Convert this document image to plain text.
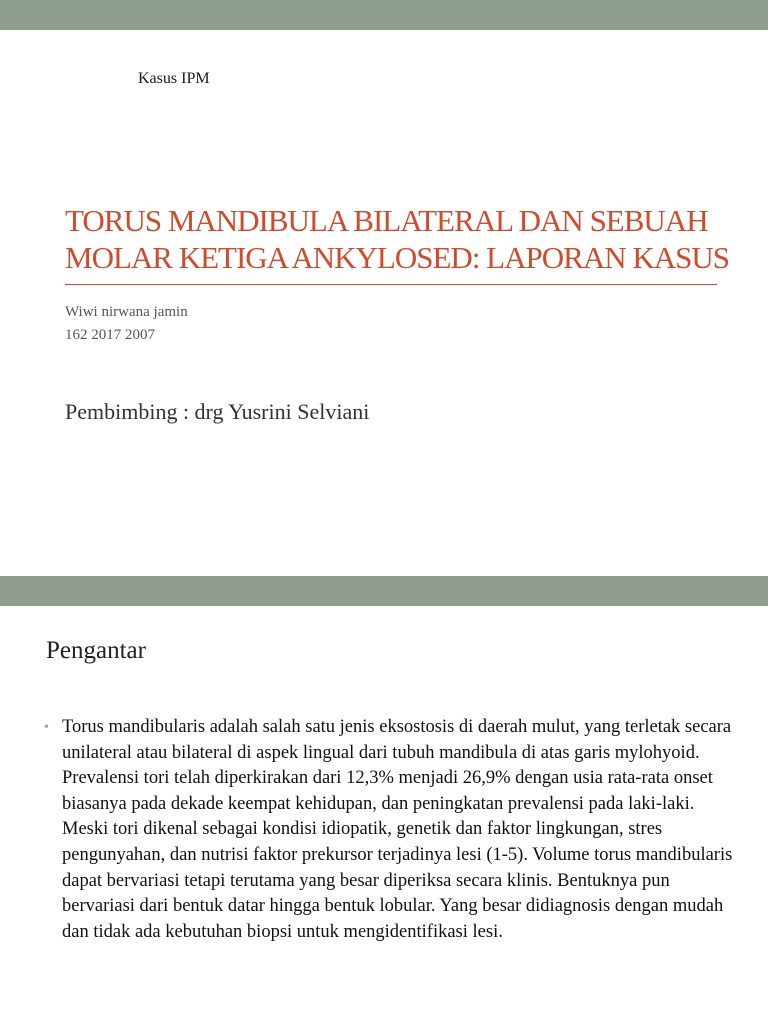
Kasus IPM
TORUS MANDIBULA BILATERAL DAN SEBUAH
MOLAR KETIGA ANKYLOSED: LAPORAN KASUS
Wiwi nirwana jamin
162 2017 2007
Pembimbing : drg Yusrini Selviani
Pengantar
• Torus mandibularis adalah salah satu jenis eksostosis di daerah mulut, yang terletak secara unilateral atau bilateral di aspek lingual dari tubuh mandibula di atas garis mylohyoid. Prevalensi tori telah diperkirakan dari 12,3% menjadi 26,9% dengan usia rata-rata onset biasanya pada dekade keempat kehidupan, dan peningkatan prevalensi pada laki-laki. Meski tori dikenal sebagai kondisi idiopatik, genetik dan faktor lingkungan, stres pengunyahan, dan nutrisi faktor prekursor terjadinya lesi (1-5). Volume torus mandibularis dapat bervariasi tetapi terutama yang besar diperiksa secara klinis. Bentuknya pun bervariasi dari bentuk datar hingga bentuk lobular. Yang besar didiagnosis dengan mudah dan tidak ada kebutuhan biopsi untuk mengidentifikasi lesi.
